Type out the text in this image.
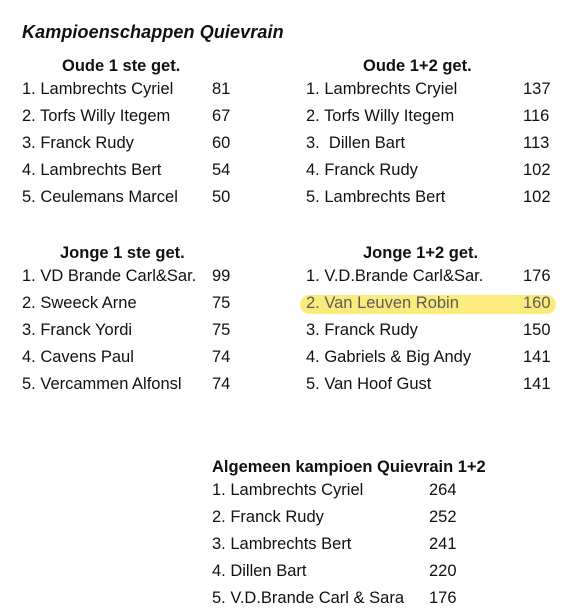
Kampioenschappen Quievrain
Oude 1 ste get.
1. Lambrechts Cyriel 81
2. Torfs Willy Itegem	67
3. Franck Rudy	60
4. Lambrechts Bert	54
5. Ceulemans Marcel 50
Oude 1+2 get.
1. Lambrechts Cryiel	137
2. Torfs Willy Itegem	116
3.  Dillen Bart	113
4. Franck Rudy	102
5. Lambrechts Bert	102
Jonge 1 ste get.
1. VD Brande Carl&Sar. 99
2. Sweeck Arne	75
3. Franck Yordi	75
4. Cavens Paul	74
5. Vercammen Alfonsl 74
Jonge 1+2 get.
1. V.D.Brande Carl&Sar. 176
2. Van Leuven Robin	160
3. Franck Rudy	150
4. Gabriels & Big Andy	141
5. Van Hoof Gust	141
Algemeen kampioen Quievrain 1+2
1. Lambrechts Cyriel	264
2. Franck Rudy	252
3. Lambrechts Bert	241
4. Dillen Bart	220
5. V.D.Brande Carl & Sara 176
